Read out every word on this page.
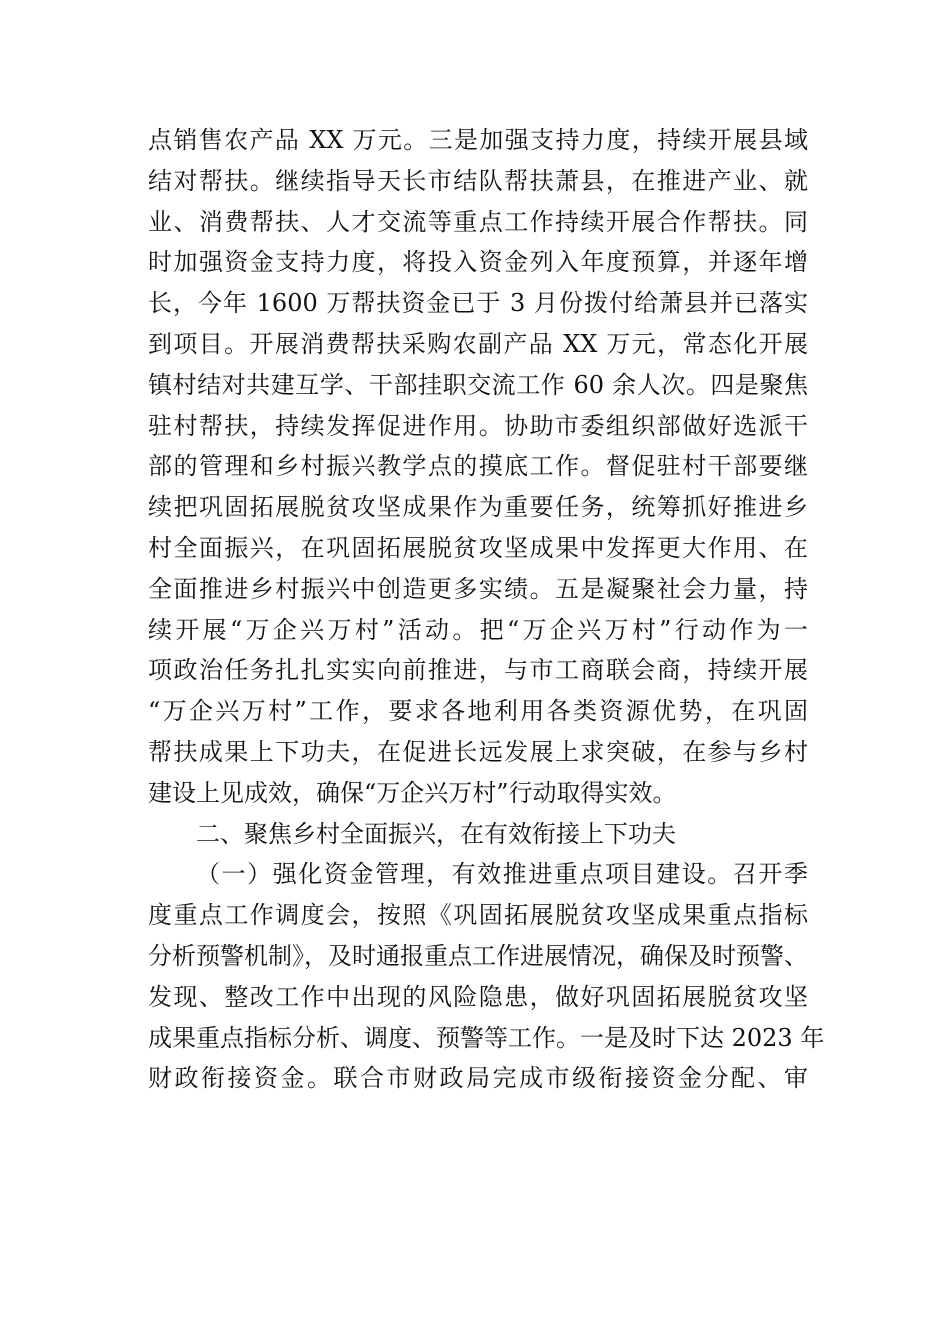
点销售农产品 XX 万元。三是加强支持力度，持续开展县域
结对帮扶。继续指导天长市结队帮扶萧县，在推进产业、就
业、消费帮扶、人才交流等重点工作持续开展合作帮扶。同
时加强资金支持力度，将投入资金列入年度预算，并逐年增
长，今年 1600 万帮扶资金已于 3 月份拨付给萧县并已落实
到项目。开展消费帮扶采购农副产品 XX 万元，常态化开展
镇村结对共建互学、干部挂职交流工作 60 余人次。四是聚焦
驻村帮扶，持续发挥促进作用。协助市委组织部做好选派干
部的管理和乡村振兴教学点的摸底工作。督促驻村干部要继
续把巩固拓展脱贫攻坚成果作为重要任务，统筹抓好推进乡
村全面振兴，在巩固拓展脱贫攻坚成果中发挥更大作用、在
全面推进乡村振兴中创造更多实绩。五是凝聚社会力量，持
续开展“万企兴万村”活动。把“万企兴万村”行动作为一
项政治任务扎扎实实向前推进，与市工商联会商，持续开展
“万企兴万村”工作，要求各地利用各类资源优势，在巩固
帮扶成果上下功夫，在促进长远发展上求突破，在参与乡村
建设上见成效，确保“万企兴万村”行动取得实效。
二、聚焦乡村全面振兴，在有效衔接上下功夫
（一）强化资金管理，有效推进重点项目建设。召开季
度重点工作调度会，按照《巩固拓展脱贫攻坚成果重点指标
分析预警机制》，及时通报重点工作进展情况，确保及时预警、
发现、整改工作中出现的风险隐患，做好巩固拓展脱贫攻坚
成果重点指标分析、调度、预警等工作。一是及时下达 2023 年
财政衔接资金。联合市财政局完成市级衔接资金分配、审
